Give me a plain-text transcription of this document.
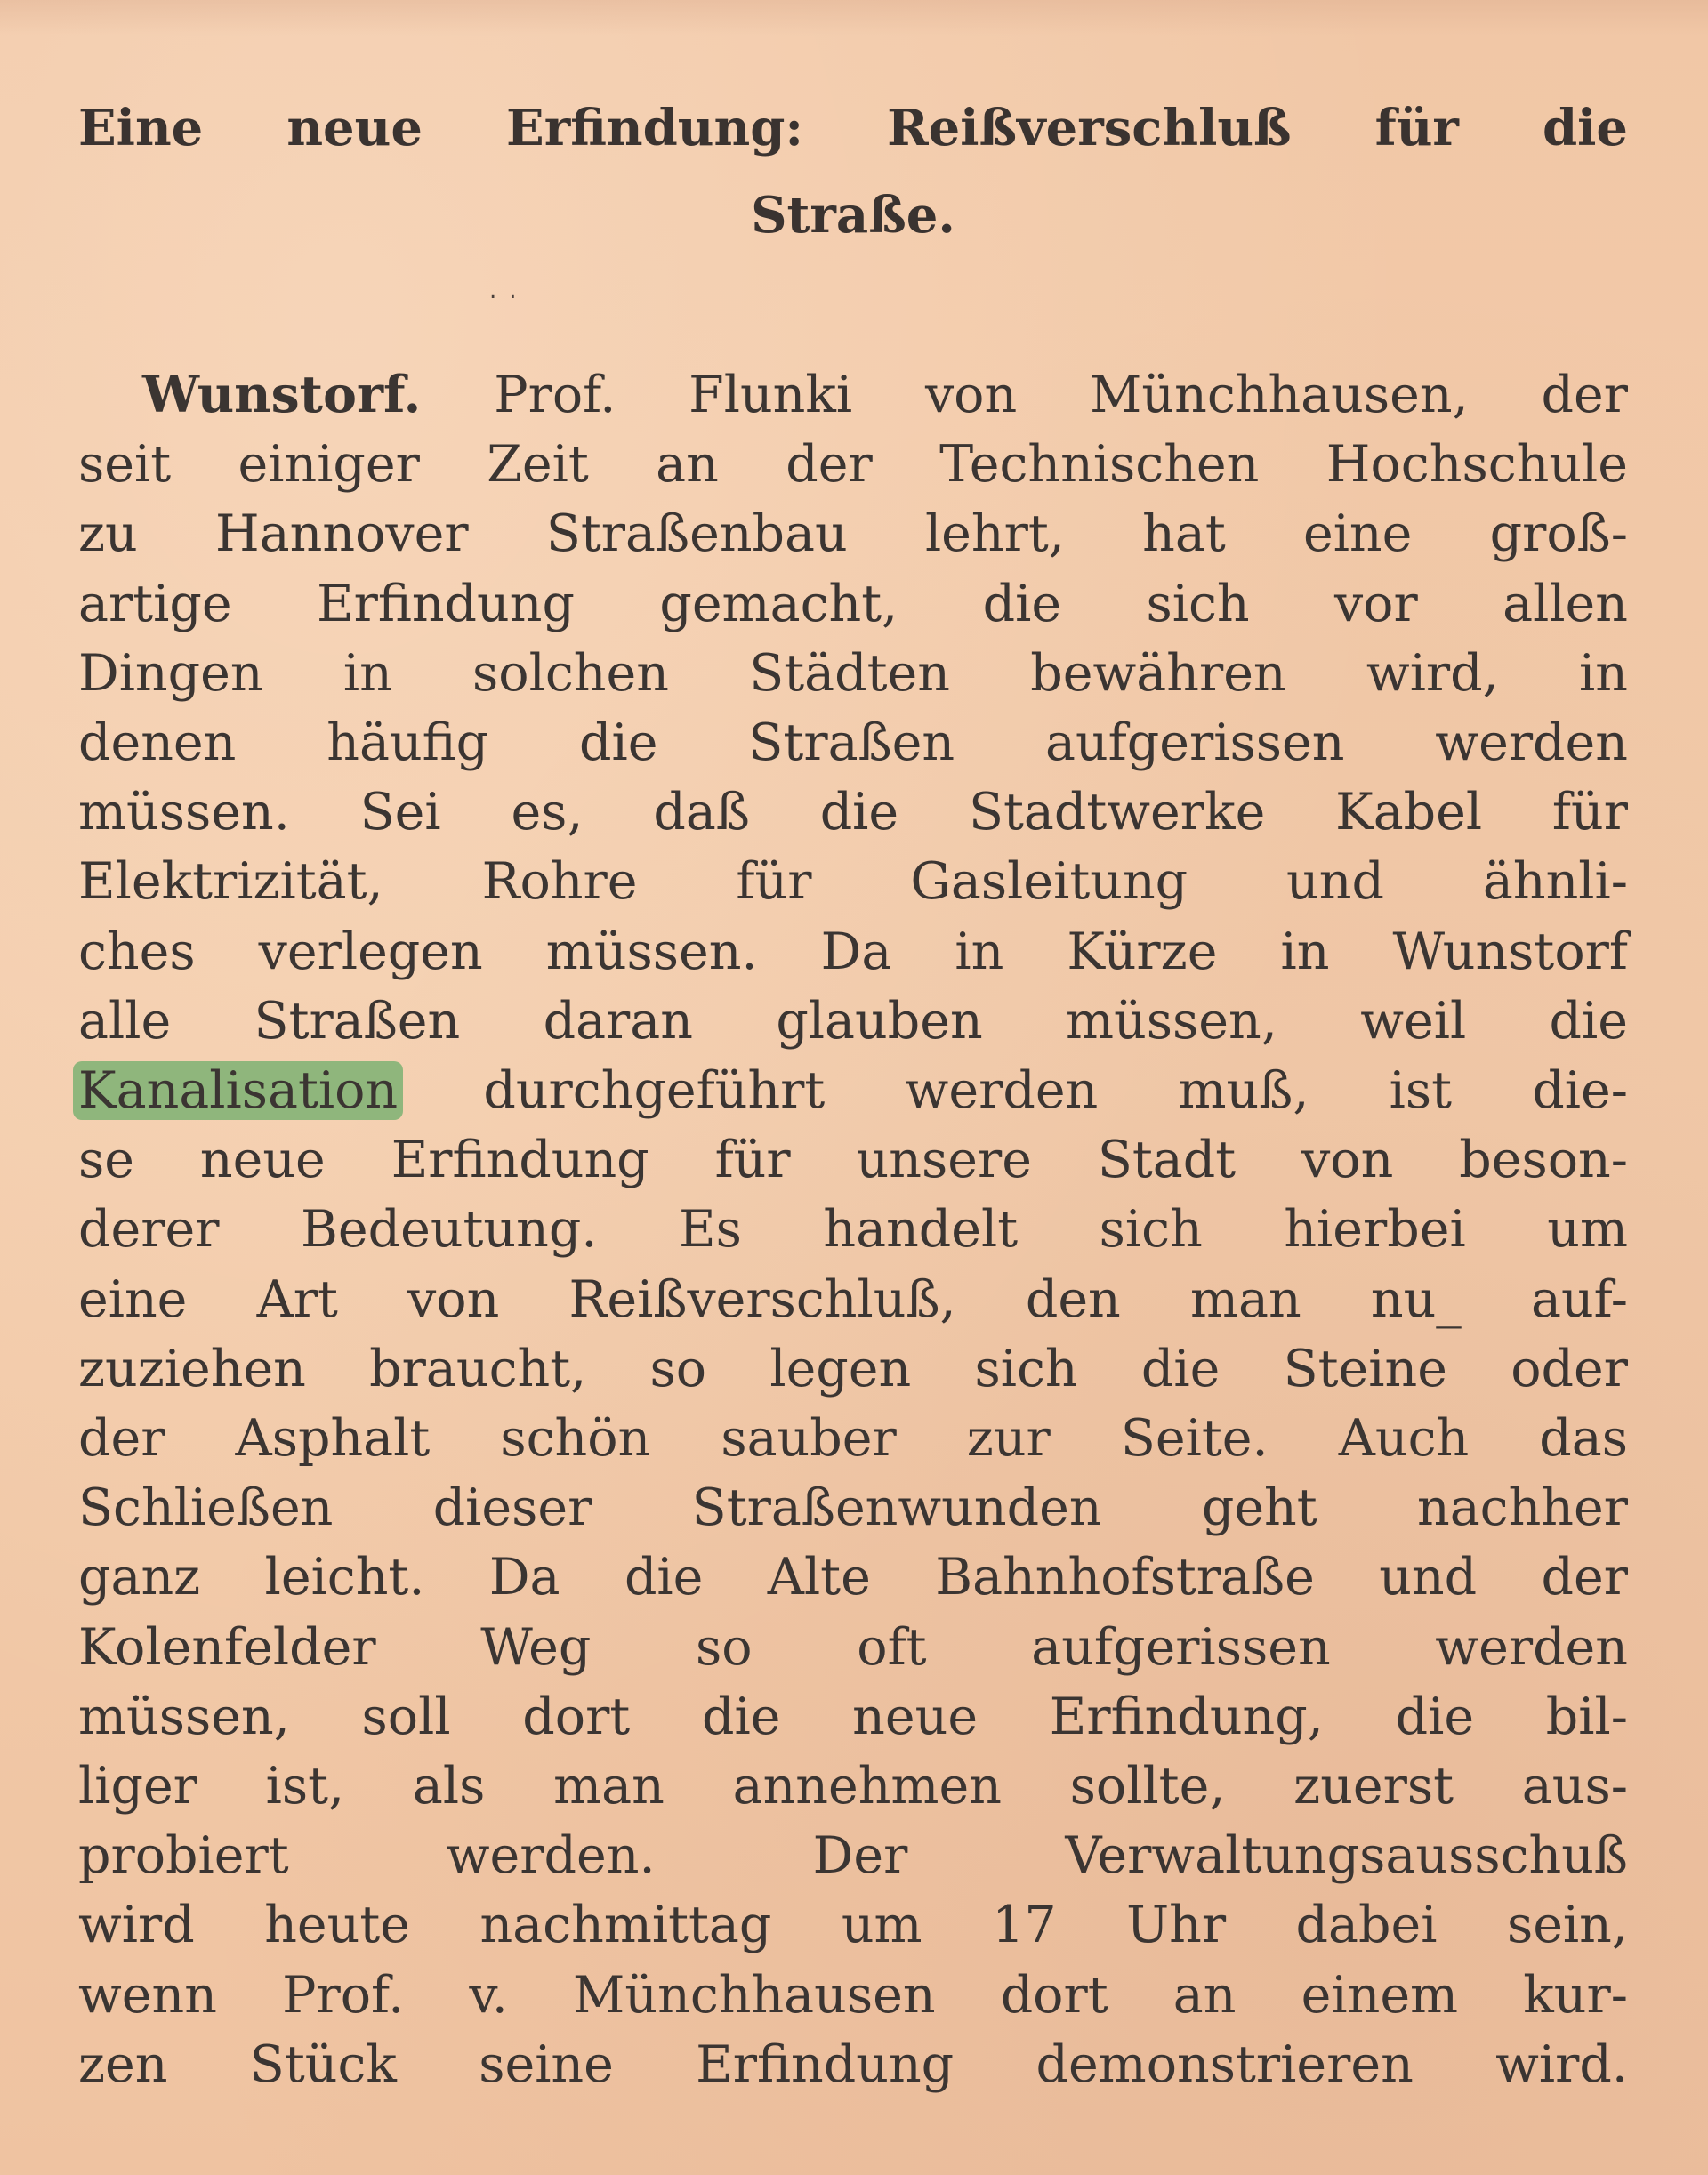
Eine neue Erfindung: Reißverschluß für die
Straße.
..
Wunstorf. Prof. Flunki von Münchhausen, der
seit einiger Zeit an der Technischen Hochschule
zu Hannover Straßenbau lehrt, hat eine groß-
artige Erfindung gemacht, die sich vor allen
Dingen in solchen Städten bewähren wird, in
denen häufig die Straßen aufgerissen werden
müssen. Sei es, daß die Stadtwerke Kabel für
Elektrizität, Rohre für Gasleitung und ähnli-
ches verlegen müssen. Da in Kürze in Wunstorf
alle Straßen daran glauben müssen, weil die
Kanalisation durchgeführt werden muß, ist die-
se neue Erfindung für unsere Stadt von beson-
derer Bedeutung. Es handelt sich hierbei um
eine Art von Reißverschluß, den man nu_ auf-
zuziehen braucht, so legen sich die Steine oder
der Asphalt schön sauber zur Seite. Auch das
Schließen dieser Straßenwunden geht nachher
ganz leicht. Da die Alte Bahnhofstraße und der
Kolenfelder Weg so oft aufgerissen werden
müssen, soll dort die neue Erfindung, die bil-
liger ist, als man annehmen sollte, zuerst aus-
probiert werden. Der Verwaltungsausschuß
wird heute nachmittag um 17 Uhr dabei sein,
wenn Prof. v. Münchhausen dort an einem kur-
zen Stück seine Erfindung demonstrieren wird.
